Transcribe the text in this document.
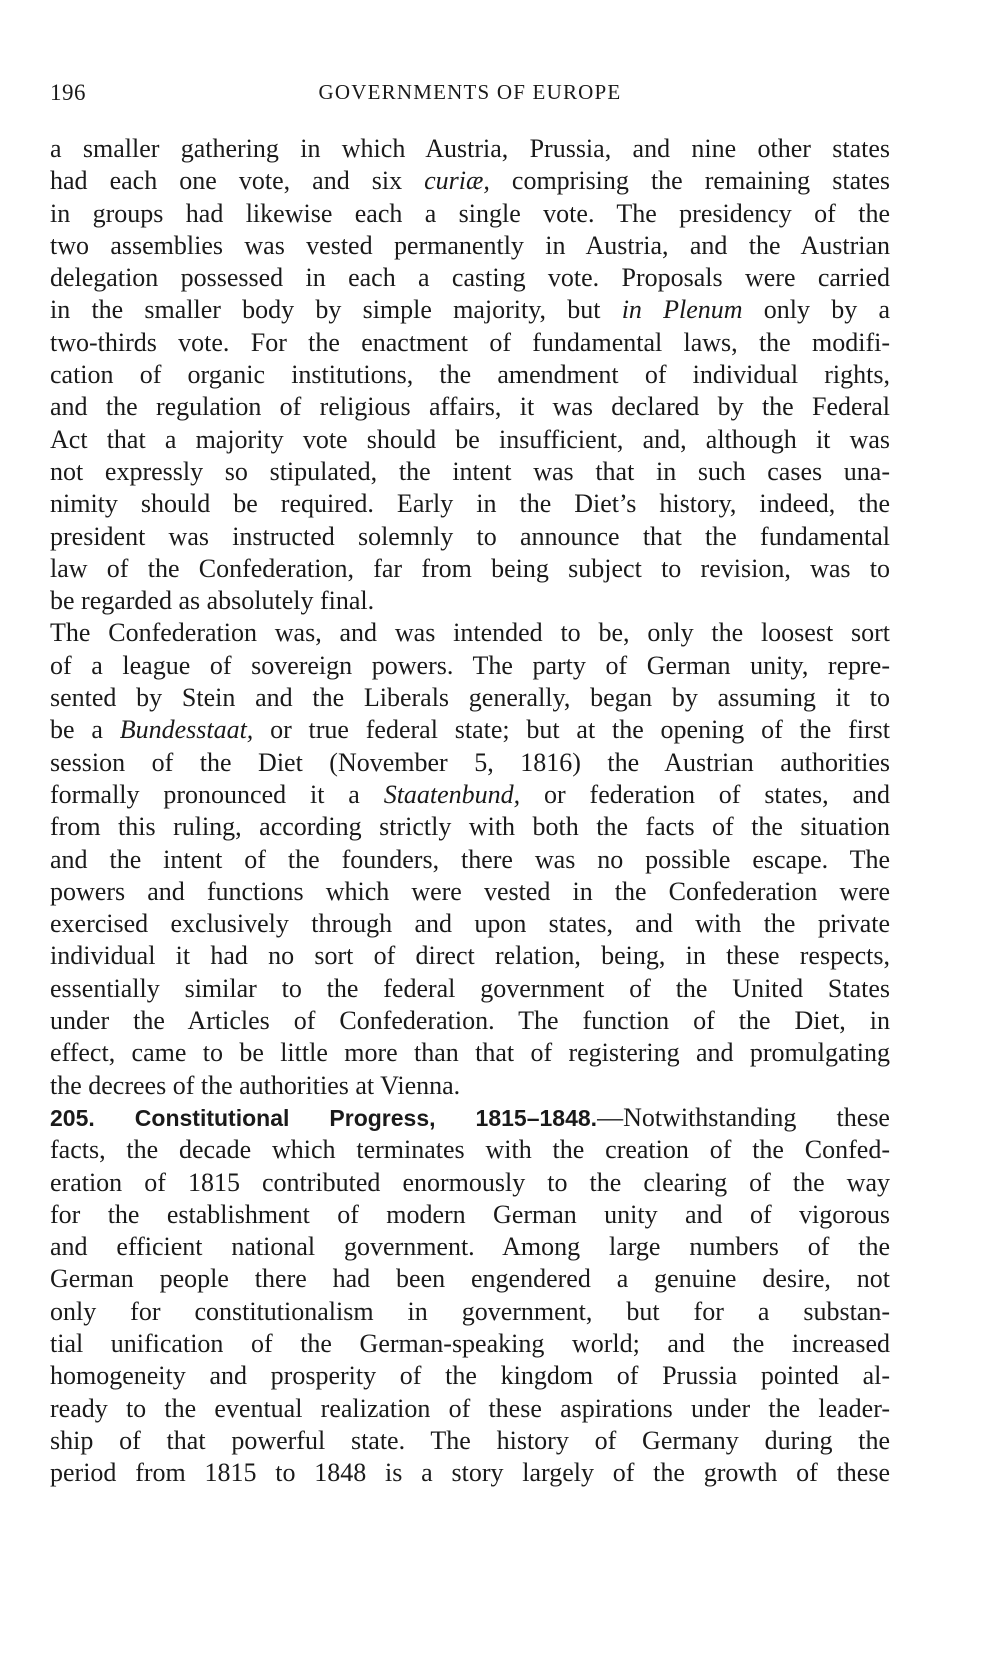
196	GOVERNMENTS OF EUROPE
a smaller gathering in which Austria, Prussia, and nine other states
had each one vote, and six curiæ, comprising the remaining states
in groups had likewise each a single vote. The presidency of the
two assemblies was vested permanently in Austria, and the Austrian
delegation possessed in each a casting vote. Proposals were carried
in the smaller body by simple majority, but in Plenum only by a
two-thirds vote. For the enactment of fundamental laws, the modifi-
cation of organic institutions, the amendment of individual rights,
and the regulation of religious affairs, it was declared by the Federal
Act that a majority vote should be insufficient, and, although it was
not expressly so stipulated, the intent was that in such cases una-
nimity should be required. Early in the Diet’s history, indeed, the
president was instructed solemnly to announce that the fundamental
law of the Confederation, far from being subject to revision, was to
be regarded as absolutely final.
The Confederation was, and was intended to be, only the loosest sort
of a league of sovereign powers. The party of German unity, repre-
sented by Stein and the Liberals generally, began by assuming it to
be a Bundesstaat, or true federal state; but at the opening of the first
session of the Diet (November 5, 1816) the Austrian authorities
formally pronounced it a Staatenbund, or federation of states, and
from this ruling, according strictly with both the facts of the situation
and the intent of the founders, there was no possible escape. The
powers and functions which were vested in the Confederation were
exercised exclusively through and upon states, and with the private
individual it had no sort of direct relation, being, in these respects,
essentially similar to the federal government of the United States
under the Articles of Confederation. The function of the Diet, in
effect, came to be little more than that of registering and promulgating
the decrees of the authorities at Vienna.
205. Constitutional Progress, 1815–1848.—Notwithstanding these
facts, the decade which terminates with the creation of the Confed-
eration of 1815 contributed enormously to the clearing of the way
for the establishment of modern German unity and of vigorous
and efficient national government. Among large numbers of the
German people there had been engendered a genuine desire, not
only for constitutionalism in government, but for a substan-
tial unification of the German-speaking world; and the increased
homogeneity and prosperity of the kingdom of Prussia pointed al-
ready to the eventual realization of these aspirations under the leader-
ship of that powerful state. The history of Germany during the
period from 1815 to 1848 is a story largely of the growth of these
